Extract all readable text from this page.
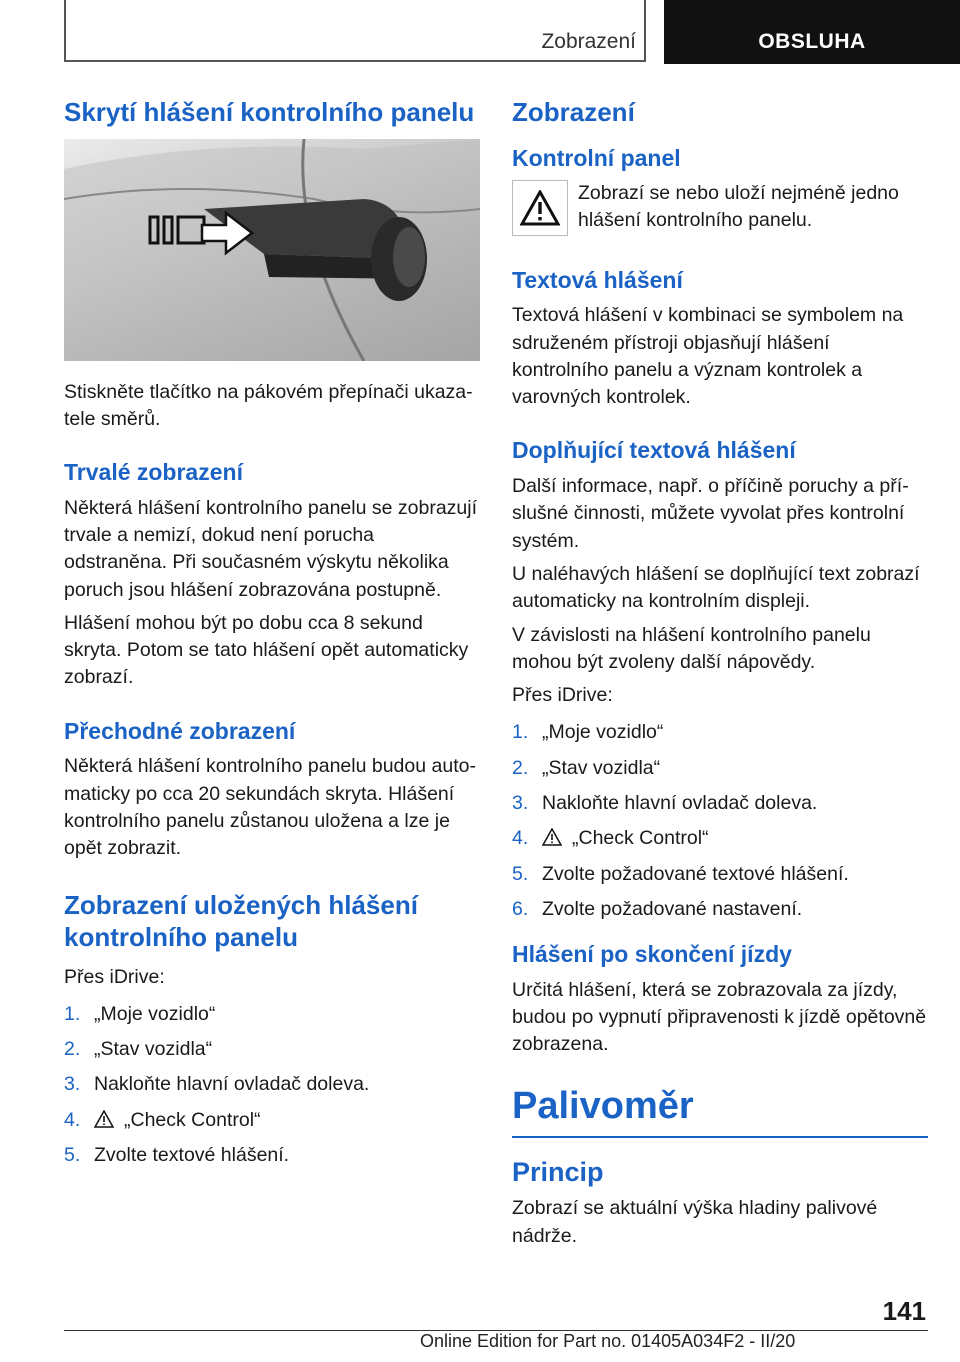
Zobrazení	OBSLUHA
Skrytí hlášení kontrolního panelu

Stiskněte tlačítko na pákovém přepínači ukazatele směrů.

Trvalé zobrazení

Některá hlášení kontrolního panelu se zobrazují trvale a nemizí, dokud není porucha odstraněna. Při současném výskytu několika poruch jsou hlášení zobrazována postupně.

Hlášení mohou být po dobu cca 8 sekund skryta. Potom se tato hlášení opět automaticky zobrazí.

Přechodné zobrazení

Některá hlášení kontrolního panelu budou automaticky po cca 20 sekundách skryta. Hlášení kontrolního panelu zůstanou uložena a lze je opět zobrazit.

Zobrazení uložených hlášení kontrolního panelu

Přes iDrive:

1. „Moje vozidlo“
2. „Stav vozidla“
3. Nakloňte hlavní ovladač doleva.
4.	„Check Control“
5. Zvolte textové hlášení.
Zobrazení
Kontrolní panel

Zobrazí se nebo uloží nejméně jedno hlášení kontrolního panelu.

Textová hlášení

Textová hlášení v kombinaci se symbolem na sdruženém přístroji objasňují hlášení kontrolního panelu a význam kontrolek a varovných kontrolek.

Doplňující textová hlášení

Další informace, např. o příčině poruchy a příslušné činnosti, můžete vyvolat přes kontrolní systém.

U naléhavých hlášení se doplňující text zobrazí automaticky na kontrolním displeji.

V závislosti na hlášení kontrolního panelu mohou být zvoleny další nápovědy.

Přes iDrive:

1. „Moje vozidlo“
2. „Stav vozidla“
3. Nakloňte hlavní ovladač doleva.
4.	„Check Control“
5. Zvolte požadované textové hlášení.
6. Zvolte požadované nastavení.
Hlášení po skončení jízdy

Určitá hlášení, která se zobrazovala za jízdy, budou po vypnutí připravenosti k jízdě opětovně zobrazena.

Palivoměr
Princip

Zobrazí se aktuální výška hladiny palivové nádrže.

141
Online Edition for Part no. 01405A034F2 - II/20
